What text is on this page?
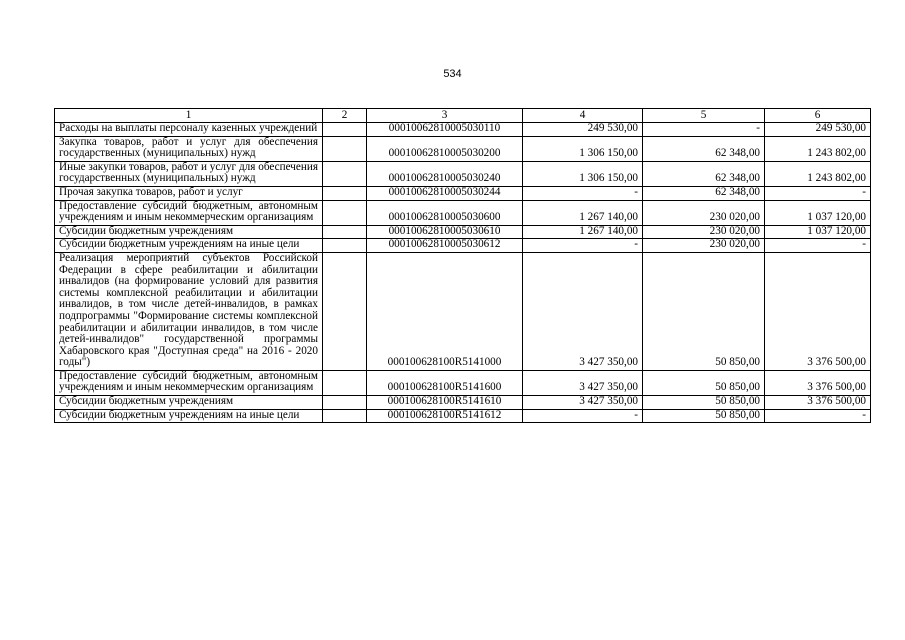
534
1	2	3	4	5	6
Расходы на выплаты персоналу казенных учреждений		00010062810005030110	249 530,00	-	249 530,00
Закупка товаров, работ и услуг для обеспечения государственных (муниципальных) нужд		00010062810005030200	1 306 150,00	62 348,00	1 243 802,00
Иные закупки товаров, работ и услуг для обеспечения государственных (муниципальных) нужд		00010062810005030240	1 306 150,00	62 348,00	1 243 802,00
Прочая закупка товаров, работ и услуг		00010062810005030244	-	62 348,00	-
Предоставление субсидий бюджетным, автономным учреждениям и иным некоммерческим организациям		00010062810005030600	1 267 140,00	230 020,00	1 037 120,00
Субсидии бюджетным учреждениям		00010062810005030610	1 267 140,00	230 020,00	1 037 120,00
Субсидии бюджетным учреждениям на иные цели		00010062810005030612	-	230 020,00	-
Реализация мероприятий субъектов Российской Федерации в сфере реабилитации и абилитации инвалидов (на формирование условий для развития системы комплексной реабилитации и абилитации инвалидов, в том числе детей-инвалидов, в рамках подпрограммы "Формирование системы комплексной реабилитации и абилитации инвалидов, в том числе детей-инвалидов" государственной программы Хабаровского края "Доступная среда" на 2016 - 2020 годы")		000100628100R5141000	3 427 350,00	50 850,00	3 376 500,00
Предоставление субсидий бюджетным, автономным учреждениям и иным некоммерческим организациям		000100628100R5141600	3 427 350,00	50 850,00	3 376 500,00
Субсидии бюджетным учреждениям		000100628100R5141610	3 427 350,00	50 850,00	3 376 500,00
Субсидии бюджетным учреждениям на иные цели		000100628100R5141612	-	50 850,00	-
